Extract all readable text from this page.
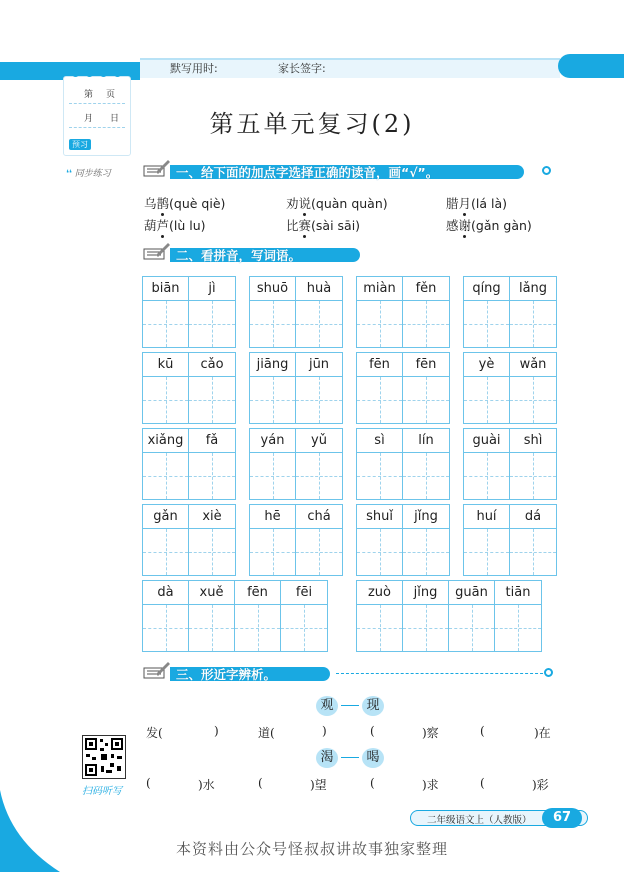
默写用时:	家长签字:
第 页
月 日
预习
❛❛ 同步练习
第五单元复习(2)
一、给下面的加点字选择正确的读音，画“√”。
乌鹊(què qiè)	劝说(quàn quàn)	腊月(lá là)
葫芦(lù lu)	比赛(sài sāi)	感谢(gǎn gàn)
二、看拼音，写词语。
biān	jì	shuō	huà	miàn	fěn	qíng	lǎng
kū	cǎo	jiāng	jūn	fēn	fēn	yè	wǎn
xiǎng	fǎ	yán	yǔ	sì	lín	guài	shì
gǎn	xiè	hē	chá	shuǐ	jǐng	huí	dá
dà	xuě	fēn	fēi	zuò	jǐng	guān	tiān
三、形近字辨析。
观	现
发(	)	道(	)	(	)察	(	)在
渴	喝
(	)水	(	)望	(	)求	(	)彩
扫码听写
二年级语文上（人教版）	67
本资料由公众号怪叔叔讲故事独家整理
